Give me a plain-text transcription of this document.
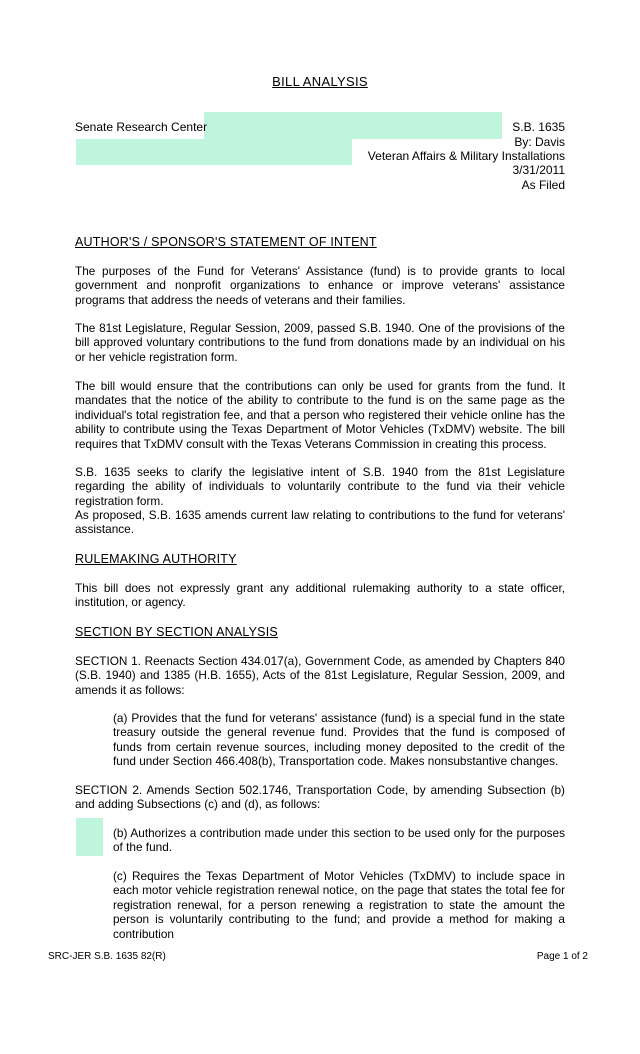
BILL ANALYSIS
Senate Research Center	S.B. 1635
By: Davis
Veteran Affairs & Military Installations
3/31/2011
As Filed
AUTHOR'S / SPONSOR'S STATEMENT OF INTENT
The purposes of the Fund for Veterans' Assistance (fund) is to provide grants to local government and nonprofit organizations to enhance or improve veterans' assistance programs that address the needs of veterans and their families.
The 81st Legislature, Regular Session, 2009, passed S.B. 1940. One of the provisions of the bill approved voluntary contributions to the fund from donations made by an individual on his or her vehicle registration form.
The bill would ensure that the contributions can only be used for grants from the fund. It mandates that the notice of the ability to contribute to the fund is on the same page as the individual's total registration fee, and that a person who registered their vehicle online has the ability to contribute using the Texas Department of Motor Vehicles (TxDMV) website. The bill requires that TxDMV consult with the Texas Veterans Commission in creating this process.
S.B. 1635 seeks to clarify the legislative intent of S.B. 1940 from the 81st Legislature regarding the ability of individuals to voluntarily contribute to the fund via their vehicle registration form.
As proposed, S.B. 1635 amends current law relating to contributions to the fund for veterans' assistance.
RULEMAKING AUTHORITY
This bill does not expressly grant any additional rulemaking authority to a state officer, institution, or agency.
SECTION BY SECTION ANALYSIS
SECTION 1. Reenacts Section 434.017(a), Government Code, as amended by Chapters 840 (S.B. 1940) and 1385 (H.B. 1655), Acts of the 81st Legislature, Regular Session, 2009, and amends it as follows:
(a) Provides that the fund for veterans' assistance (fund) is a special fund in the state treasury outside the general revenue fund. Provides that the fund is composed of funds from certain revenue sources, including money deposited to the credit of the fund under Section 466.408(b), Transportation code. Makes nonsubstantive changes.
SECTION 2. Amends Section 502.1746, Transportation Code, by amending Subsection (b) and adding Subsections (c) and (d), as follows:
(b) Authorizes a contribution made under this section to be used only for the purposes of the fund.
(c) Requires the Texas Department of Motor Vehicles (TxDMV) to include space in each motor vehicle registration renewal notice, on the page that states the total fee for registration renewal, for a person renewing a registration to state the amount the person is voluntarily contributing to the fund; and provide a method for making a contribution
SRC-JER S.B. 1635 82(R)	Page 1 of 2
